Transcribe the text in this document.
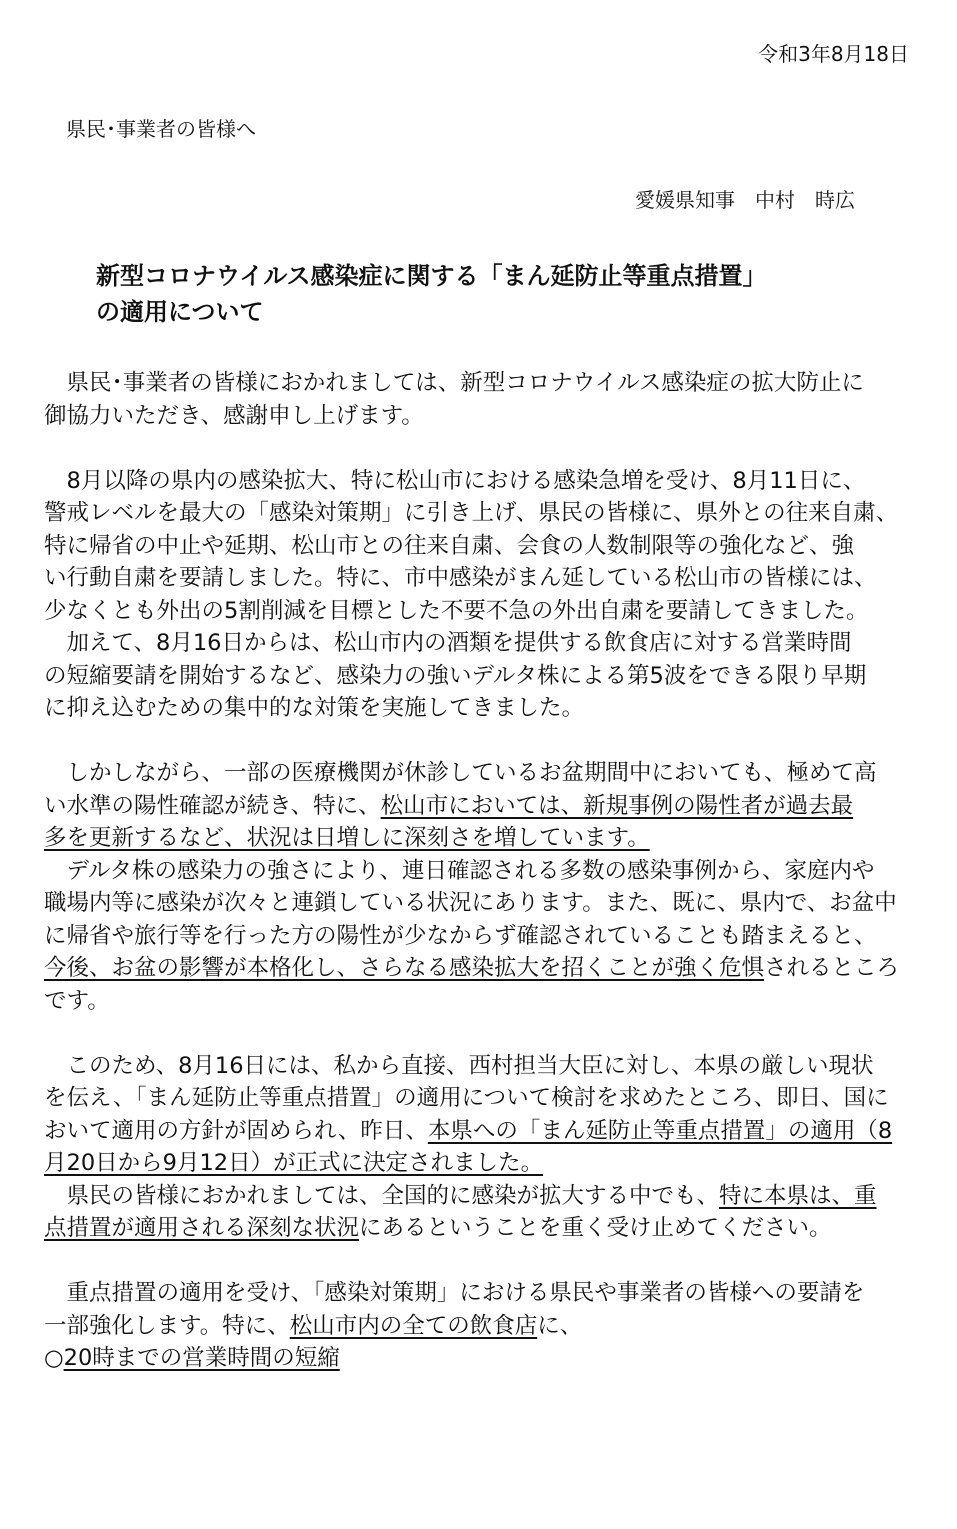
令和3年8月18日
県民･事業者の皆様へ
愛媛県知事　中村　時広
新型コロナウイルス感染症に関する「まん延防止等重点措置」
の適用について
　県民･事業者の皆様におかれましては、新型コロナウイルス感染症の拡大防止に
御協力いただき、感謝申し上げます。
　8月以降の県内の感染拡大、特に松山市における感染急増を受け、8月11日に、
警戒レベルを最大の「感染対策期」に引き上げ、県民の皆様に、県外との往来自粛、
特に帰省の中止や延期、松山市との往来自粛、会食の人数制限等の強化など、強
い行動自粛を要請しました。特に、市中感染がまん延している松山市の皆様には、
少なくとも外出の5割削減を目標とした不要不急の外出自粛を要請してきました。
　加えて、8月16日からは、松山市内の酒類を提供する飲食店に対する営業時間
の短縮要請を開始するなど、感染力の強いデルタ株による第5波をできる限り早期
に抑え込むための集中的な対策を実施してきました。
　しかしながら、一部の医療機関が休診しているお盆期間中においても、極めて高
い水準の陽性確認が続き、特に、松山市においては、新規事例の陽性者が過去最
多を更新するなど、状況は日増しに深刻さを増しています。
　デルタ株の感染力の強さにより、連日確認される多数の感染事例から、家庭内や
職場内等に感染が次々と連鎖している状況にあります。また、既に、県内で、お盆中
に帰省や旅行等を行った方の陽性が少なからず確認されていることも踏まえると、
今後、お盆の影響が本格化し、さらなる感染拡大を招くことが強く危惧されるところ
です。
　このため、8月16日には、私から直接、西村担当大臣に対し、本県の厳しい現状
を伝え、「まん延防止等重点措置」の適用について検討を求めたところ、即日、国に
おいて適用の方針が固められ、昨日、本県への「まん延防止等重点措置」の適用（8
月20日から9月12日）が正式に決定されました。
　県民の皆様におかれましては、全国的に感染が拡大する中でも、特に本県は、重
点措置が適用される深刻な状況にあるということを重く受け止めてください。
　重点措置の適用を受け、「感染対策期」における県民や事業者の皆様への要請を
一部強化します。特に、松山市内の全ての飲食店に、
○20時までの営業時間の短縮
